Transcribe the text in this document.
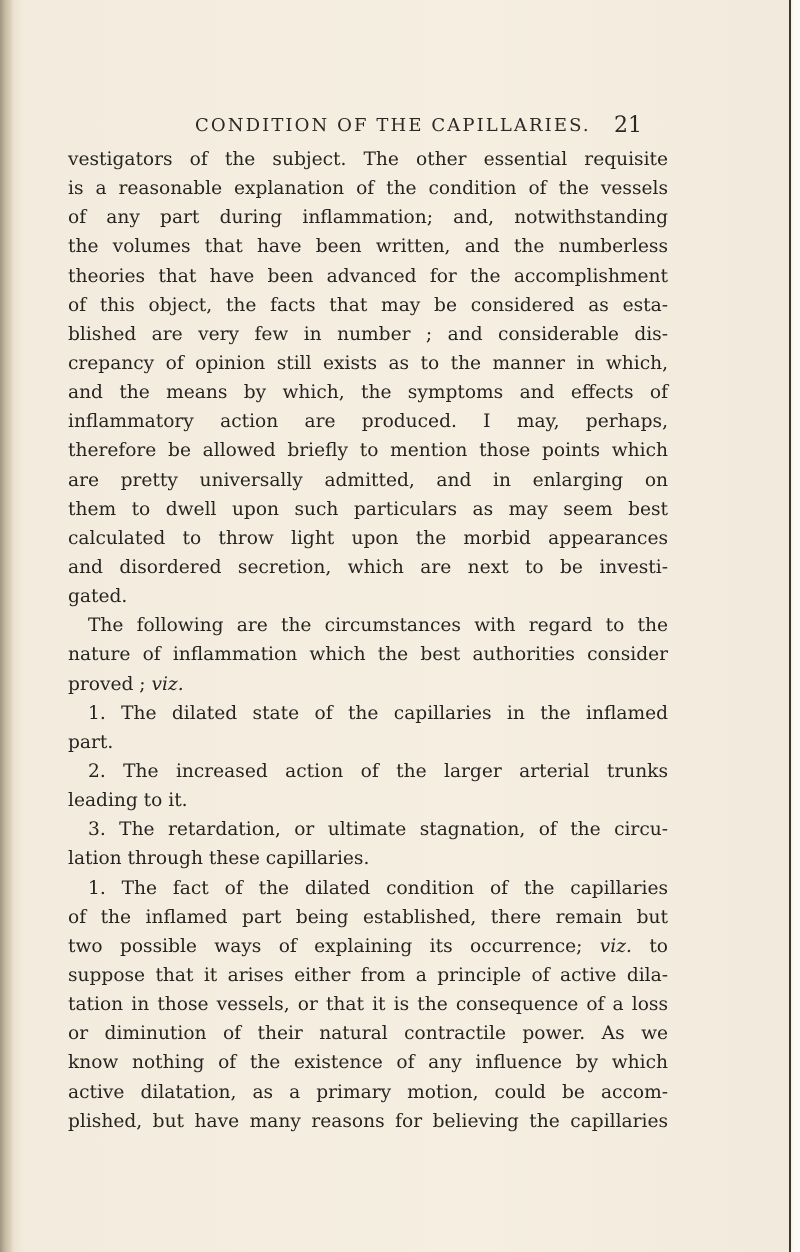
CONDITION OF THE CAPILLARIES. 21
vestigators of the subject. The other essential requisite
is a reasonable explanation of the condition of the vessels
of any part during inflammation; and, notwithstanding
the volumes that have been written, and the numberless
theories that have been advanced for the accomplishment
of this object, the facts that may be considered as esta-
blished are very few in number ; and considerable dis-
crepancy of opinion still exists as to the manner in which,
and the means by which, the symptoms and effects of
inflammatory action are produced. I may, perhaps,
therefore be allowed briefly to mention those points which
are pretty universally admitted, and in enlarging on
them to dwell upon such particulars as may seem best
calculated to throw light upon the morbid appearances
and disordered secretion, which are next to be investi-
gated.
The following are the circumstances with regard to the
nature of inflammation which the best authorities consider
proved ; viz.
1. The dilated state of the capillaries in the inflamed
part.
2. The increased action of the larger arterial trunks
leading to it.
3. The retardation, or ultimate stagnation, of the circu-
lation through these capillaries.
1. The fact of the dilated condition of the capillaries
of the inflamed part being established, there remain but
two possible ways of explaining its occurrence; viz. to
suppose that it arises either from a principle of active dila-
tation in those vessels, or that it is the consequence of a loss
or diminution of their natural contractile power. As we
know nothing of the existence of any influence by which
active dilatation, as a primary motion, could be accom-
plished, but have many reasons for believing the capillaries
